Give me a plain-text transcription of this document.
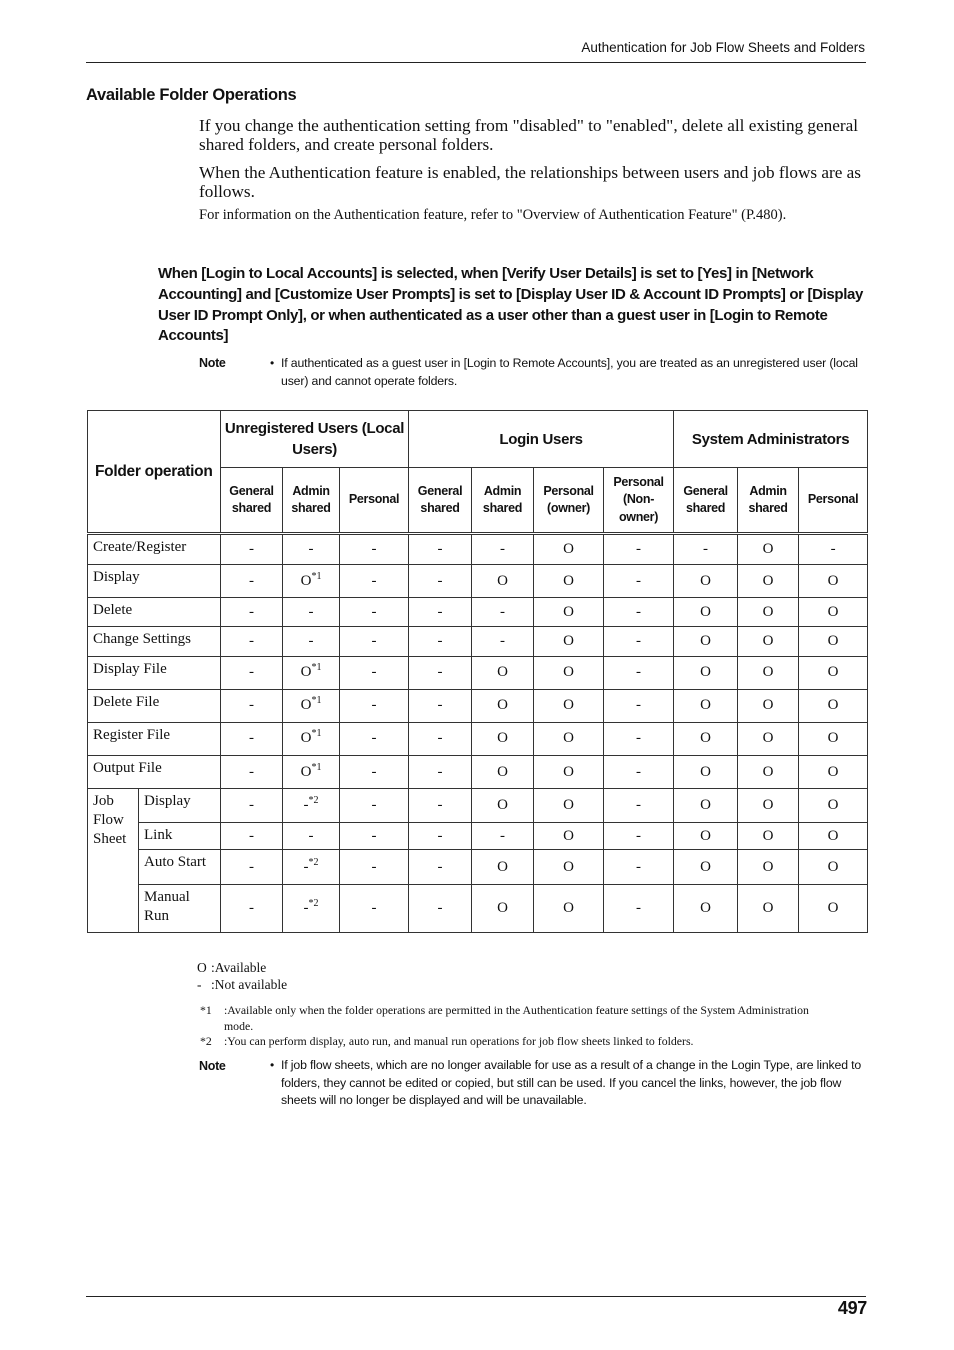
Authentication for Job Flow Sheets and Folders
Available Folder Operations
If you change the authentication setting from "disabled" to "enabled", delete all existing general shared folders, and create personal folders.
When the Authentication feature is enabled, the relationships between users and job flows are as follows.
For information on the Authentication feature, refer to "Overview of Authentication Feature" (P.480).
When [Login to Local Accounts] is selected, when [Verify User Details] is set to [Yes] in [Network Accounting] and [Customize User Prompts] is set to [Display User ID & Account ID Prompts] or [Display User ID Prompt Only], or when authenticated as a user other than a guest user in [Login to Remote Accounts]
Note	• If authenticated as a guest user in [Login to Remote Accounts], you are treated as an unregistered user (local user) and cannot operate folders.
Folder operation		Unregistered Users (Local Users)			Login Users				System Administrators		
		General shared	Admin shared	Personal	General shared	Admin shared	Personal (owner)	Personal (Non-owner)	General shared	Admin shared	Personal
Create/Register		-	-	-	-	-	O	-	-	O	-
Display		-	$O^{*1}$	-	-	O	O	-	O	O	O
Delete		-	-	-	-	-	O	-	O	O	O
Change Settings		-	-	-	-	-	O	-	O	O	O
Display File		-	$O^{*1}$	-	-	O	O	-	O	O	O
Delete File		-	$O^{*1}$	-	-	O	O	-	O	O	O
Register File		-	$O^{*1}$	-	-	O	O	-	O	O	O
Output File		-	$O^{*1}$	-	-	O	O	-	O	O	O
Job Flow Sheet	Display	-	-$^{*2}$	-	-	O	O	-	O	O	O
	Link	-	-	-	-	-	O	-	O	O	O
	Auto Start	-	-$^{*2}$	-	-	O	O	-	O	O	O
	Manual Run	-	-$^{*2}$	-	-	O	O	-	O	O	O
O :Available
- :Not available
*1 :Available only when the folder operations are permitted in the Authentication feature settings of the System Administration mode.
*2 :You can perform display, auto run, and manual run operations for job flow sheets linked to folders.
Note	• If job flow sheets, which are no longer available for use as a result of a change in the Login Type, are linked to folders, they cannot be edited or copied, but still can be used. If you cancel the links, however, the job flow sheets will no longer be displayed and will be unavailable.
497
